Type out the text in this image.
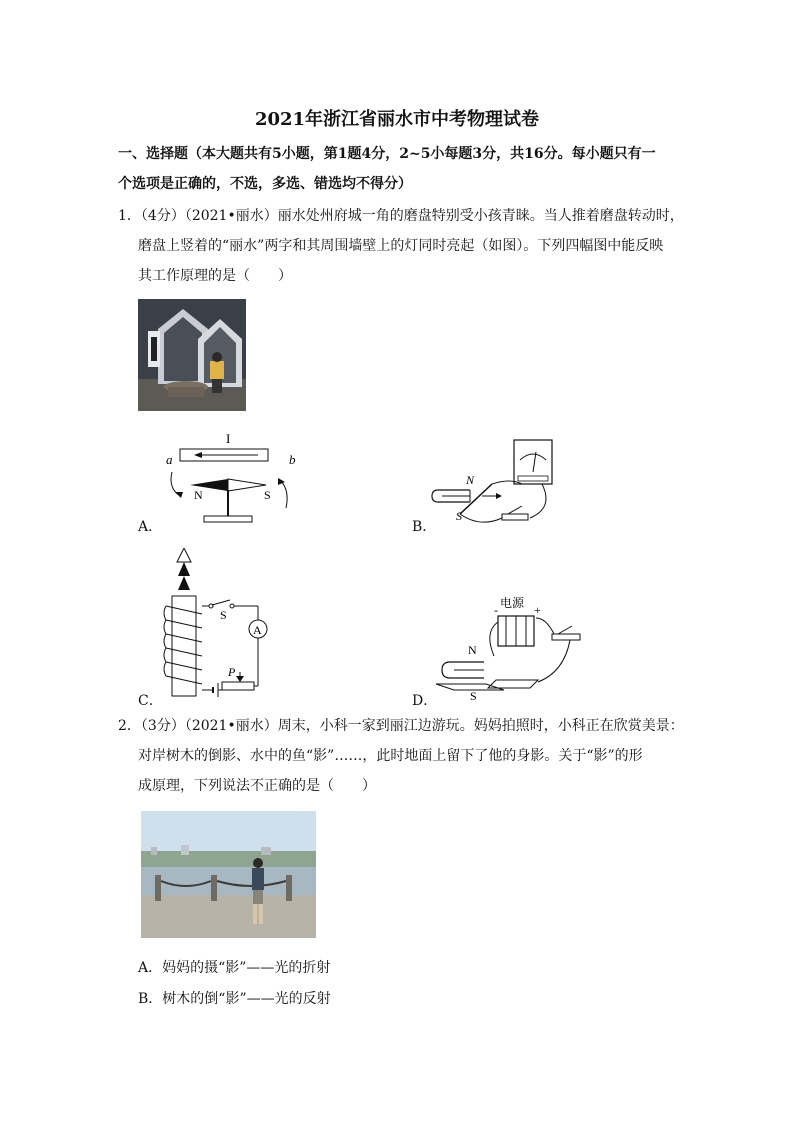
2021年浙江省丽水市中考物理试卷
一、选择题（本大题共有5小题，第1题4分，2~5小每题3分，共16分。每小题只有一
个选项是正确的，不选，多选、错选均不得分）
1．（4分）（2021•丽水）丽水处州府城一角的磨盘特别受小孩青睐。当人推着磨盘转动时，
磨盘上竖着的“丽水”两字和其周围墙壁上的灯同时亮起（如图）。下列四幅图中能反映
其工作原理的是（　　）
I
a	b
N	S
A．
N
S
B．
S
A
P
C．
电源
-	+
N
S
D．
2．（3分）（2021•丽水）周末，小科一家到丽江边游玩。妈妈拍照时，小科正在欣赏美景：
对岸树木的倒影、水中的鱼“影”……，此时地面上留下了他的身影。关于“影”的形
成原理，下列说法不正确的是（　　）
A．妈妈的摄“影”——光的折射
B．树木的倒“影”——光的反射
